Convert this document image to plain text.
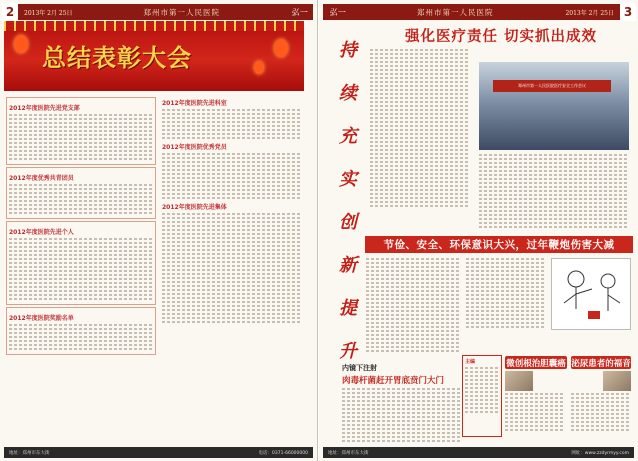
2	2013年 2月 25日	郑州市第一人民医院	弘一
总结表彰大会
2012年度医院先进党支部
2012年度优秀共青团员
2012年度医院先进个人
2012年度医院奖励名单
2012年度医院先进科室
2012年度医院优秀党员
2012年度医院先进集体
地址：郑州市东大街	电话：0371-66000000
弘一	郑州市第一人民医院	2013年 2月 25日 3
地址：郑州市东大街	网址：www.zzdyrmyy.com
持
续
充
实
创
新
提
升
强化医疗责任 切实抓出成效
郑州市第一人民医院医疗安全工作会议
节俭、安全、环保意识大兴，过年鞭炮伤害大减
内镜下注射
肉毒杆菌赶开胃底贲门大门
主编	微创根治胆囊癌 泌尿患者的福音
